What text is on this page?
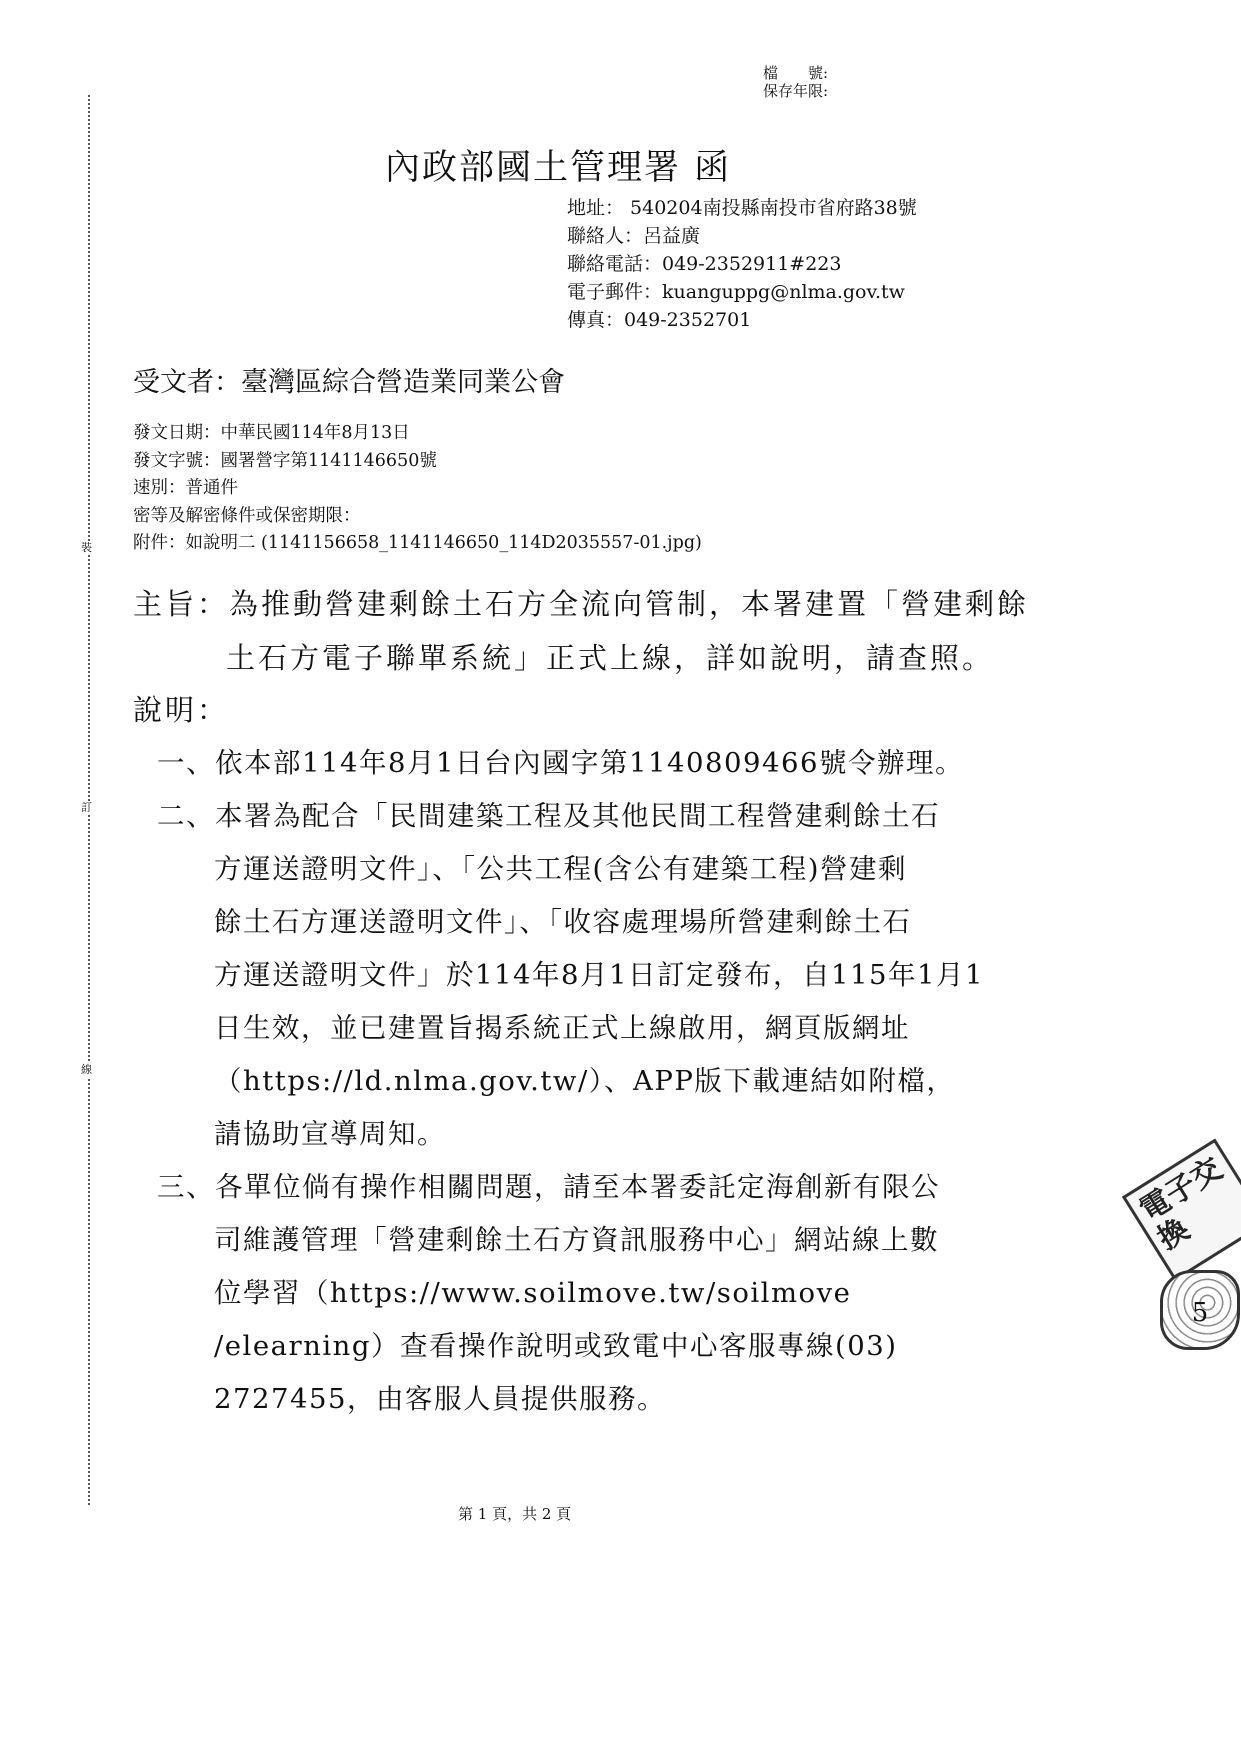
裝
訂
線
檔　　號:
保存年限:
內政部國土管理署 函
地址： 540204南投縣南投市省府路38號
聯絡人：呂益廣
聯絡電話：049-2352911#223
電子郵件：kuanguppg@nlma.gov.tw
傳真：049-2352701
受文者：臺灣區綜合營造業同業公會
發文日期：中華民國114年8月13日
發文字號：國署營字第1141146650號
速別：普通件
密等及解密條件或保密期限：
附件：如說明二 (1141156658_1141146650_114D2035557-01.jpg)
主旨：為推動營建剩餘土石方全流向管制，本署建置「營建剩餘
土石方電子聯單系統」正式上線，詳如說明，請查照。
說明：
一、依本部114年8月1日台內國字第1140809466號令辦理。
二、本署為配合「民間建築工程及其他民間工程營建剩餘土石
方運送證明文件」、「公共工程(含公有建築工程)營建剩
餘土石方運送證明文件」、「收容處理場所營建剩餘土石
方運送證明文件」於114年8月1日訂定發布，自115年1月1
日生效，並已建置旨揭系統正式上線啟用，網頁版網址
（https://ld.nlma.gov.tw/）、APP版下載連結如附檔，
請協助宣導周知。
三、各單位倘有操作相關問題，請至本署委託定海創新有限公
司維護管理「營建剩餘土石方資訊服務中心」網站線上數
位學習（https://www.soilmove.tw/soilmove
/elearning）查看操作說明或致電中心客服專線(03)
2727455，由客服人員提供服務。
電子交換
5
第 1 頁，共 2 頁
